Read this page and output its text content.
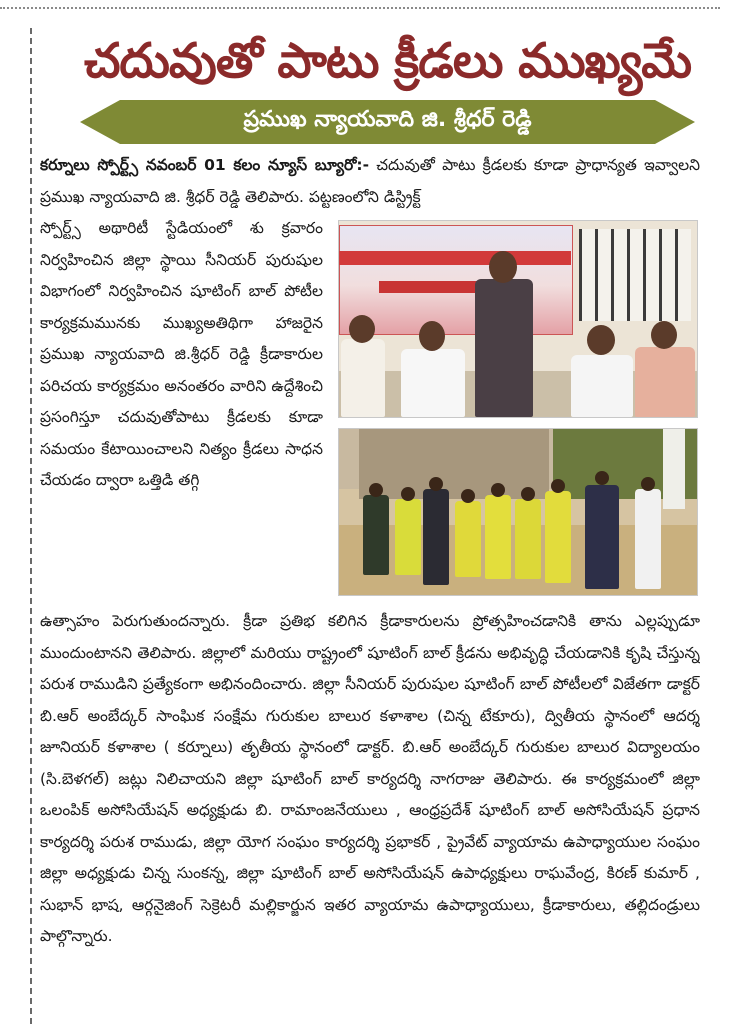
చదువుతో పాటు క్రీడలు ముఖ్యమే
ప్రముఖ న్యాయవాది జి. శ్రీధర్ రెడ్డి

కర్నూలు స్పోర్ట్స్ నవంబర్ 01 కలం న్యూస్ బ్యూరో:- చదువుతో పాటు క్రీడలకు కూడా ప్రాధాన్యత ఇవ్వాలని ప్రముఖ న్యాయవాది జి. శ్రీధర్ రెడ్డి తెలిపారు. పట్టణంలోని డిస్ట్రిక్ట్

స్పోర్ట్స్ అథారిటీ స్టేడియంలో శు క్రవారం నిర్వహించిన జిల్లా స్థాయి సీనియర్ పురుషుల విభాగంలో నిర్వహించిన షూటింగ్ బాల్ పోటీల కార్యక్రమమునకు ముఖ్యఅతిథిగా హాజరైన ప్రముఖ న్యాయవాది జి.శ్రీధర్ రెడ్డి క్రీడాకారుల పరిచయ కార్యక్రమం అనంతరం వారిని ఉద్దేశించి ప్రసంగిస్తూ చదువుతోపాటు క్రీడలకు కూడా సమయం కేటాయించాలని నిత్యం క్రీడలు సాధన చేయడం ద్వారా ఒత్తిడి తగ్గి

ఉత్సాహం పెరుగుతుందన్నారు. క్రీడా ప్రతిభ కలిగిన క్రీడాకారులను ప్రోత్సహించడానికి తాను ఎల్లప్పుడూ ముందుంటానని తెలిపారు. జిల్లాలో మరియు రాష్ట్రంలో షూటింగ్ బాల్ క్రీడను అభివృద్ధి చేయడానికి కృషి చేస్తున్న పరుశ రాముడిని ప్రత్యేకంగా అభినందించారు. జిల్లా సీనియర్ పురుషుల షూటింగ్ బాల్ పోటీలలో విజేతగా డాక్టర్ బి.ఆర్ అంబేద్కర్ సాంఘిక సంక్షేమ గురుకుల బాలుర కళాశాల (చిన్న టేకూరు), ద్వితీయ స్థానంలో ఆదర్శ జూనియర్ కళాశాల ( కర్నూలు) తృతీయ స్థానంలో డాక్టర్. బి.ఆర్ అంబేద్కర్ గురుకుల బాలుర విద్యాలయం (సి.బెళగల్) జట్లు నిలిచాయని జిల్లా షూటింగ్ బాల్ కార్యదర్శి నాగరాజు తెలిపారు. ఈ కార్యక్రమంలో జిల్లా ఒలంపిక్ అసోసియేషన్ అధ్యక్షుడు బి. రామాంజనేయులు , ఆంధ్రప్రదేశ్ షూటింగ్ బాల్ అసోసియేషన్ ప్రధాన కార్యదర్శి పరుశ రాముడు, జిల్లా యోగ సంఘం కార్యదర్శి ప్రభాకర్ , ప్రైవేట్ వ్యాయామ ఉపాధ్యాయుల సంఘం జిల్లా అధ్యక్షుడు చిన్న సుంకన్న, జిల్లా షూటింగ్ బాల్ అసోసియేషన్ ఉపాధ్యక్షులు రాఘవేంద్ర, కిరణ్ కుమార్ , సుభాన్ భాష, ఆర్గనైజింగ్ సెక్రెటరీ మల్లికార్జున ఇతర వ్యాయామ ఉపాధ్యాయులు, క్రీడాకారులు, తల్లిదండ్రులు పాల్గొన్నారు.
